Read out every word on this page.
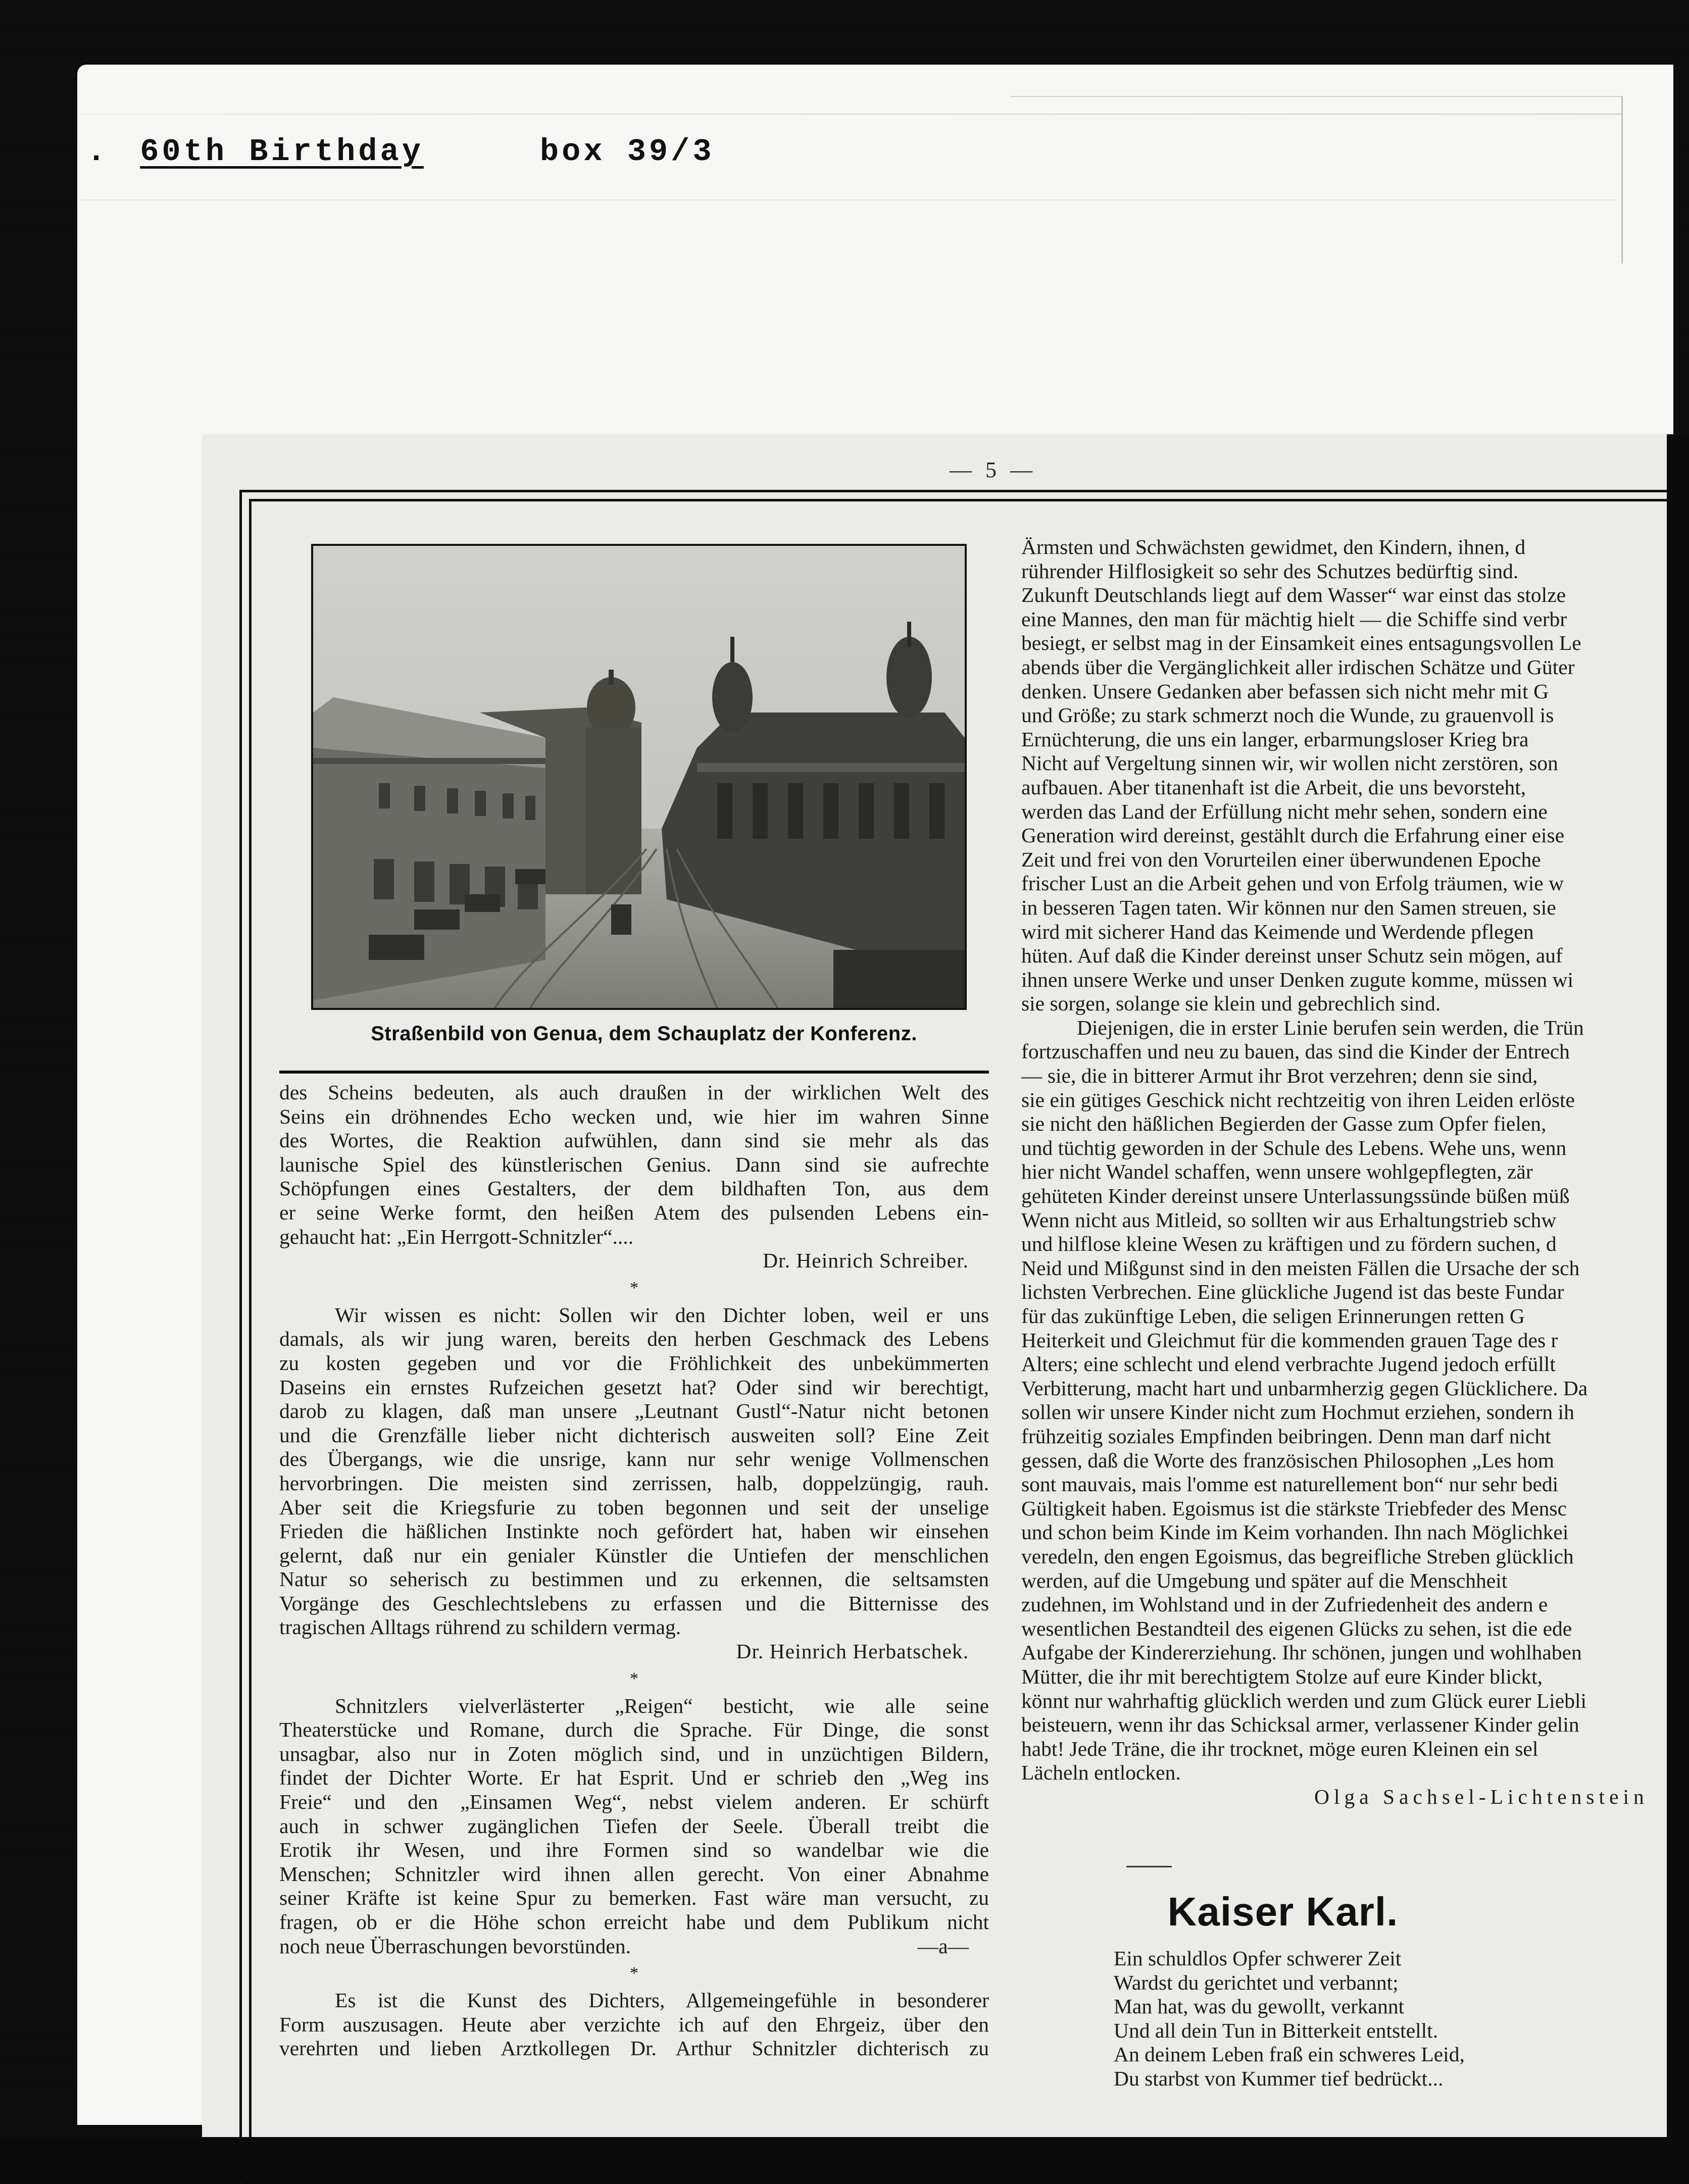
. 60th Birthday	box 39/3
— 5 —
Straßenbild von Genua, dem Schauplatz der Konferenz.
des Scheins bedeuten, als auch draußen in der wirklichen Welt des
Seins ein dröhnendes Echo wecken und, wie hier im wahren Sinne
des Wortes, die Reaktion aufwühlen, dann sind sie mehr als das
launische Spiel des künstlerischen Genius. Dann sind sie aufrechte
Schöpfungen eines Gestalters, der dem bildhaften Ton, aus dem
er seine Werke formt, den heißen Atem des pulsenden Lebens ein-
gehaucht hat: „Ein Herrgott-Schnitzler“....
Dr. Heinrich Schreiber.
*
Wir wissen es nicht: Sollen wir den Dichter loben, weil er uns
damals, als wir jung waren, bereits den herben Geschmack des Lebens
zu kosten gegeben und vor die Fröhlichkeit des unbekümmerten
Daseins ein ernstes Rufzeichen gesetzt hat? Oder sind wir berechtigt,
darob zu klagen, daß man unsere „Leutnant Gustl“-Natur nicht betonen
und die Grenzfälle lieber nicht dichterisch ausweiten soll? Eine Zeit
des Übergangs, wie die unsrige, kann nur sehr wenige Vollmenschen
hervorbringen. Die meisten sind zerrissen, halb, doppelzüngig, rauh.
Aber seit die Kriegsfurie zu toben begonnen und seit der unselige
Frieden die häßlichen Instinkte noch gefördert hat, haben wir einsehen
gelernt, daß nur ein genialer Künstler die Untiefen der menschlichen
Natur so seherisch zu bestimmen und zu erkennen, die seltsamsten
Vorgänge des Geschlechtslebens zu erfassen und die Bitternisse des
tragischen Alltags rührend zu schildern vermag.
Dr. Heinrich Herbatschek.
*
Schnitzlers vielverlästerter „Reigen“ besticht, wie alle seine
Theaterstücke und Romane, durch die Sprache. Für Dinge, die sonst
unsagbar, also nur in Zoten möglich sind, und in unzüchtigen Bildern,
findet der Dichter Worte. Er hat Esprit. Und er schrieb den „Weg ins
Freie“ und den „Einsamen Weg“, nebst vielem anderen. Er schürft
auch in schwer zugänglichen Tiefen der Seele. Überall treibt die
Erotik ihr Wesen, und ihre Formen sind so wandelbar wie die
Menschen; Schnitzler wird ihnen allen gerecht. Von einer Abnahme
seiner Kräfte ist keine Spur zu bemerken. Fast wäre man versucht, zu
fragen, ob er die Höhe schon erreicht habe und dem Publikum nicht
noch neue Überraschungen bevorstünden.	—a—
*
Es ist die Kunst des Dichters, Allgemeingefühle in besonderer
Form auszusagen. Heute aber verzichte ich auf den Ehrgeiz, über den
verehrten und lieben Arztkollegen Dr. Arthur Schnitzler dichterisch zu
Ärmsten und Schwächsten gewidmet, den Kindern, ihnen, d
rührender Hilflosigkeit so sehr des Schutzes bedürftig sind.
Zukunft Deutschlands liegt auf dem Wasser“ war einst das stolze
eine Mannes, den man für mächtig hielt — die Schiffe sind verbr
besiegt, er selbst mag in der Einsamkeit eines entsagungsvollen Le
abends über die Vergänglichkeit aller irdischen Schätze und Güter
denken. Unsere Gedanken aber befassen sich nicht mehr mit G
und Größe; zu stark schmerzt noch die Wunde, zu grauenvoll is
Ernüchterung, die uns ein langer, erbarmungsloser Krieg bra
Nicht auf Vergeltung sinnen wir, wir wollen nicht zerstören, son
aufbauen. Aber titanenhaft ist die Arbeit, die uns bevorsteht,
werden das Land der Erfüllung nicht mehr sehen, sondern eine
Generation wird dereinst, gestählt durch die Erfahrung einer eise
Zeit und frei von den Vorurteilen einer überwundenen Epoche
frischer Lust an die Arbeit gehen und von Erfolg träumen, wie w
in besseren Tagen taten. Wir können nur den Samen streuen, sie
wird mit sicherer Hand das Keimende und Werdende pflegen
hüten. Auf daß die Kinder dereinst unser Schutz sein mögen, auf
ihnen unsere Werke und unser Denken zugute komme, müssen wi
sie sorgen, solange sie klein und gebrechlich sind.
Diejenigen, die in erster Linie berufen sein werden, die Trün
fortzuschaffen und neu zu bauen, das sind die Kinder der Entrech
— sie, die in bitterer Armut ihr Brot verzehren; denn sie sind,
sie ein gütiges Geschick nicht rechtzeitig von ihren Leiden erlöste
sie nicht den häßlichen Begierden der Gasse zum Opfer fielen,
und tüchtig geworden in der Schule des Lebens. Wehe uns, wenn
hier nicht Wandel schaffen, wenn unsere wohlgepflegten, zär
gehüteten Kinder dereinst unsere Unterlassungssünde büßen müß
Wenn nicht aus Mitleid, so sollten wir aus Erhaltungstrieb schw
und hilflose kleine Wesen zu kräftigen und zu fördern suchen, d
Neid und Mißgunst sind in den meisten Fällen die Ursache der sch
lichsten Verbrechen. Eine glückliche Jugend ist das beste Fundar
für das zukünftige Leben, die seligen Erinnerungen retten G
Heiterkeit und Gleichmut für die kommenden grauen Tage des r
Alters; eine schlecht und elend verbrachte Jugend jedoch erfüllt
Verbitterung, macht hart und unbarmherzig gegen Glücklichere. Da
sollen wir unsere Kinder nicht zum Hochmut erziehen, sondern ih
frühzeitig soziales Empfinden beibringen. Denn man darf nicht
gessen, daß die Worte des französischen Philosophen „Les hom
sont mauvais, mais l'omme est naturellement bon“ nur sehr bedi
Gültigkeit haben. Egoismus ist die stärkste Triebfeder des Mensc
und schon beim Kinde im Keim vorhanden. Ihn nach Möglichkei
veredeln, den engen Egoismus, das begreifliche Streben glücklich
werden, auf die Umgebung und später auf die Menschheit
zudehnen, im Wohlstand und in der Zufriedenheit des andern e
wesentlichen Bestandteil des eigenen Glücks zu sehen, ist die ede
Aufgabe der Kindererziehung. Ihr schönen, jungen und wohlhaben
Mütter, die ihr mit berechtigtem Stolze auf eure Kinder blickt,
könnt nur wahrhaftig glücklich werden und zum Glück eurer Liebli
beisteuern, wenn ihr das Schicksal armer, verlassener Kinder gelin
habt! Jede Träne, die ihr trocknet, möge euren Kleinen ein sel
Lächeln entlocken.
Olga Sachsel-Lichtenstein
Kaiser Karl.
Ein schuldlos Opfer schwerer Zeit
Wardst du gerichtet und verbannt;
Man hat, was du gewollt, verkannt
Und all dein Tun in Bitterkeit entstellt.
An deinem Leben fraß ein schweres Leid,
Du starbst von Kummer tief bedrückt...
